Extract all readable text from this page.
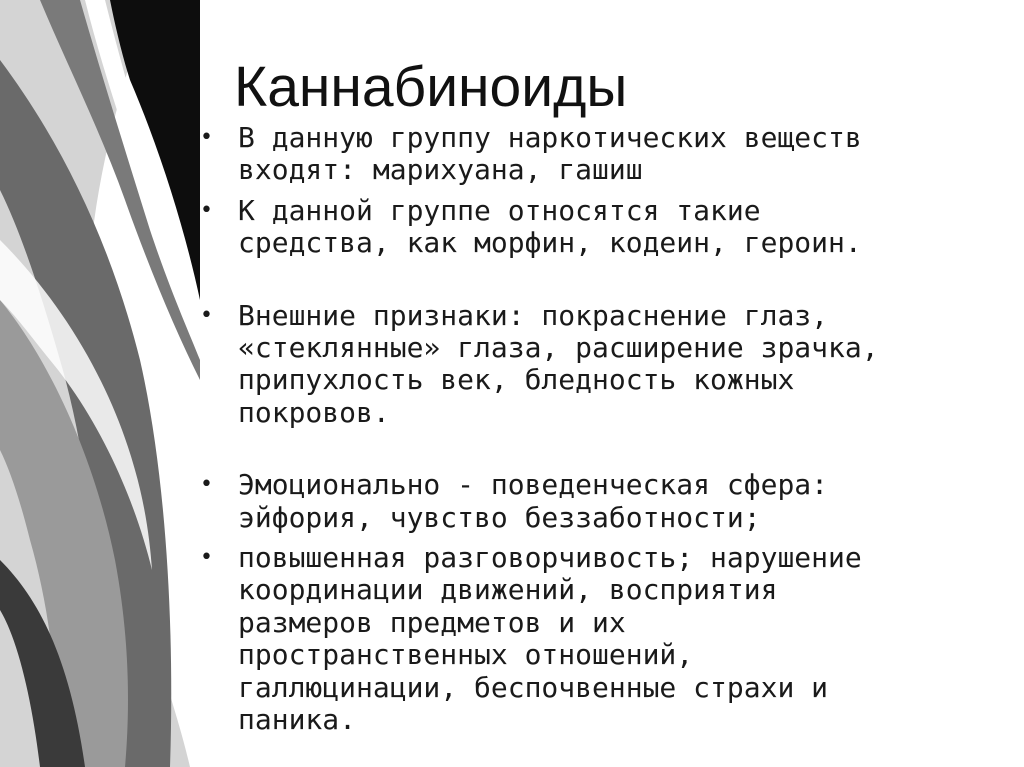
Каннабиноиды
• В данную группу наркотических веществ
входят: марихуана, гашиш
• К данной группе относятся такие
средства, как морфин, кодеин, героин.
• Внешние признаки: покраснение глаз,
«стеклянные» глаза, расширение зрачка,
припухлость век, бледность кожных
покровов.
• Эмоционально - поведенческая сфера:
эйфория, чувство беззаботности;
• повышенная разговорчивость; нарушение
координации движений, восприятия
размеров предметов и их
пространственных отношений,
галлюцинации, беспочвенные страхи и
паника.
